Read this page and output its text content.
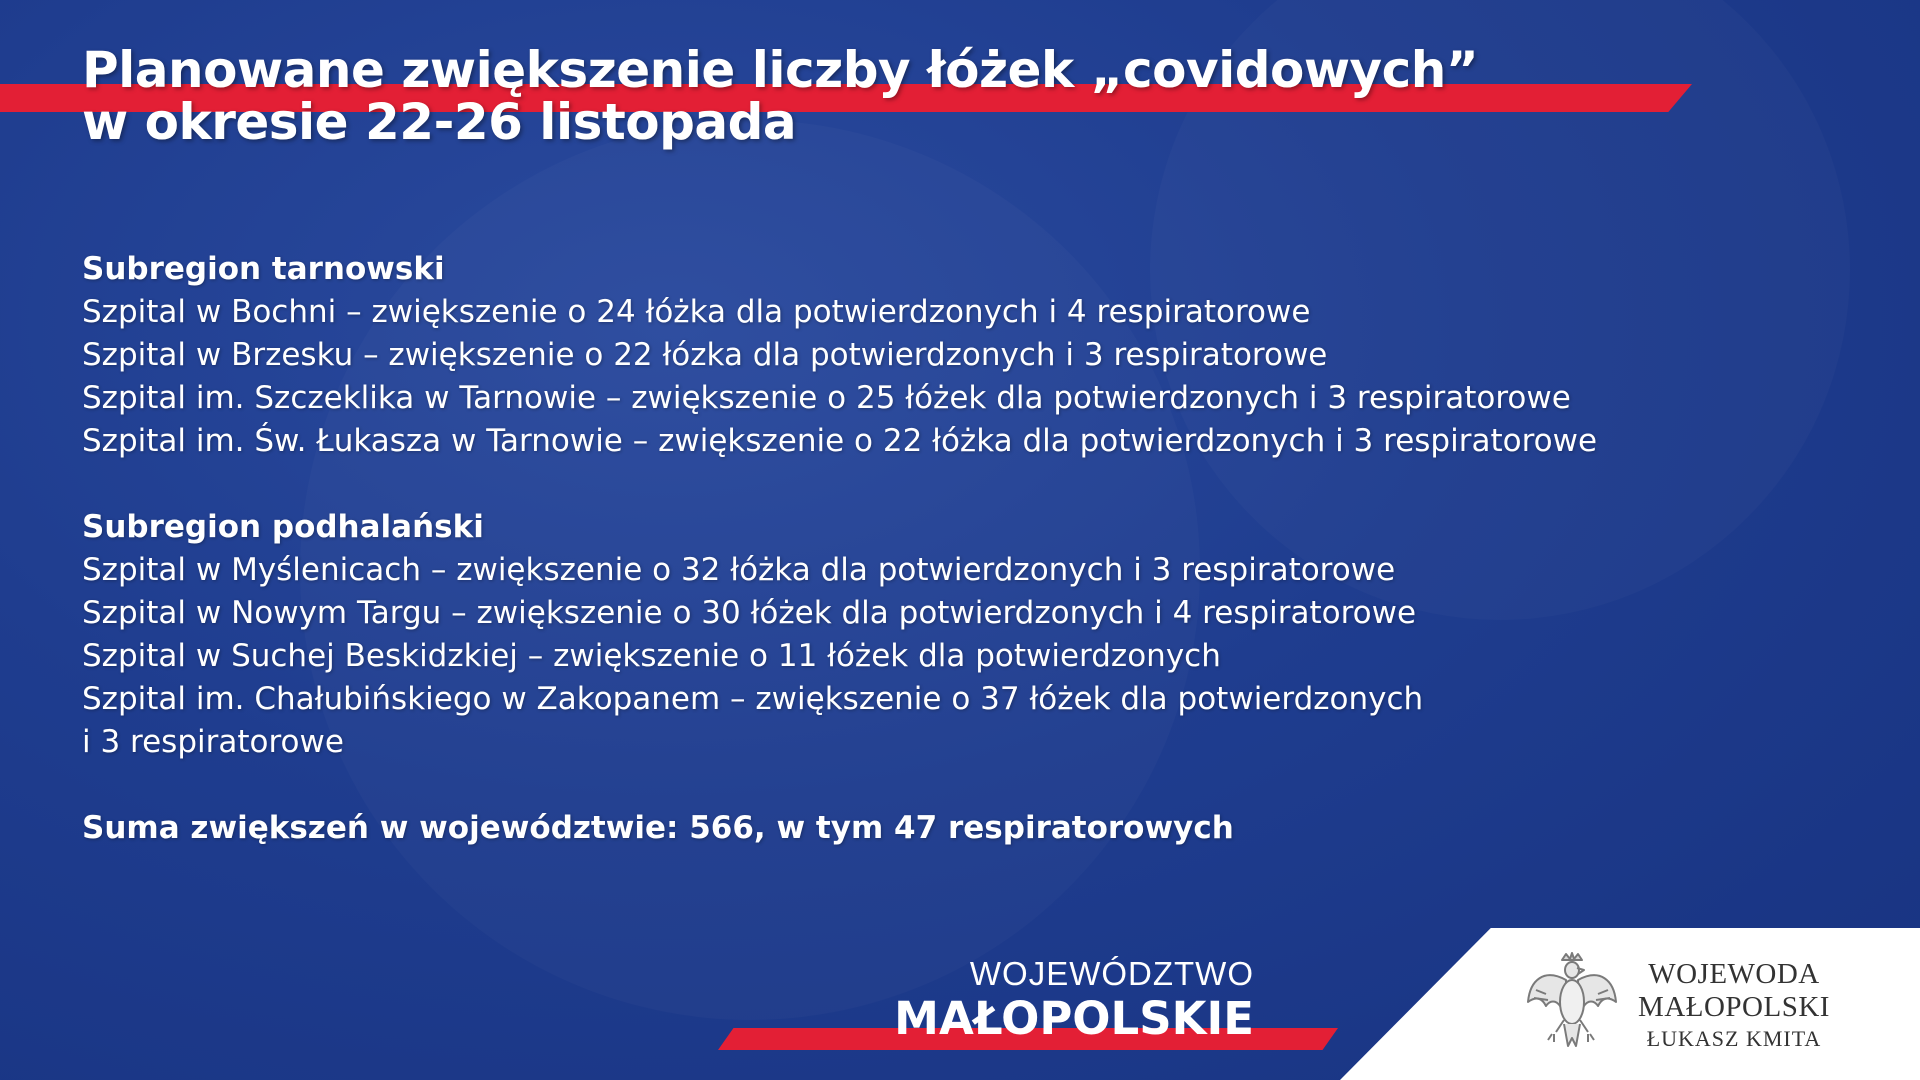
Planowane zwiększenie liczby łóżek „covidowych”
w okresie 22-26 listopada
Subregion tarnowski
Szpital w Bochni – zwiększenie o 24 łóżka dla potwierdzonych i 4 respiratorowe
Szpital w Brzesku – zwiększenie o 22 łózka dla potwierdzonych i 3 respiratorowe
Szpital im. Szczeklika w Tarnowie – zwiększenie o 25 łóżek dla potwierdzonych i 3 respiratorowe
Szpital im. Św. Łukasza w Tarnowie – zwiększenie o 22 łóżka dla potwierdzonych i 3 respiratorowe
Subregion podhalański
Szpital w Myślenicach – zwiększenie o 32 łóżka dla potwierdzonych i 3 respiratorowe
Szpital w Nowym Targu – zwiększenie o 30 łóżek dla potwierdzonych i 4 respiratorowe
Szpital w Suchej Beskidzkiej – zwiększenie o 11 łóżek dla potwierdzonych
Szpital im. Chałubińskiego w Zakopanem – zwiększenie o 37 łóżek dla potwierdzonych
i 3 respiratorowe
Suma zwiększeń w województwie: 566, w tym 47 respiratorowych
WOJEWÓDZTWO
MAŁOPOLSKIE
WOJEWODA
MAŁOPOLSKI
ŁUKASZ KMITA
